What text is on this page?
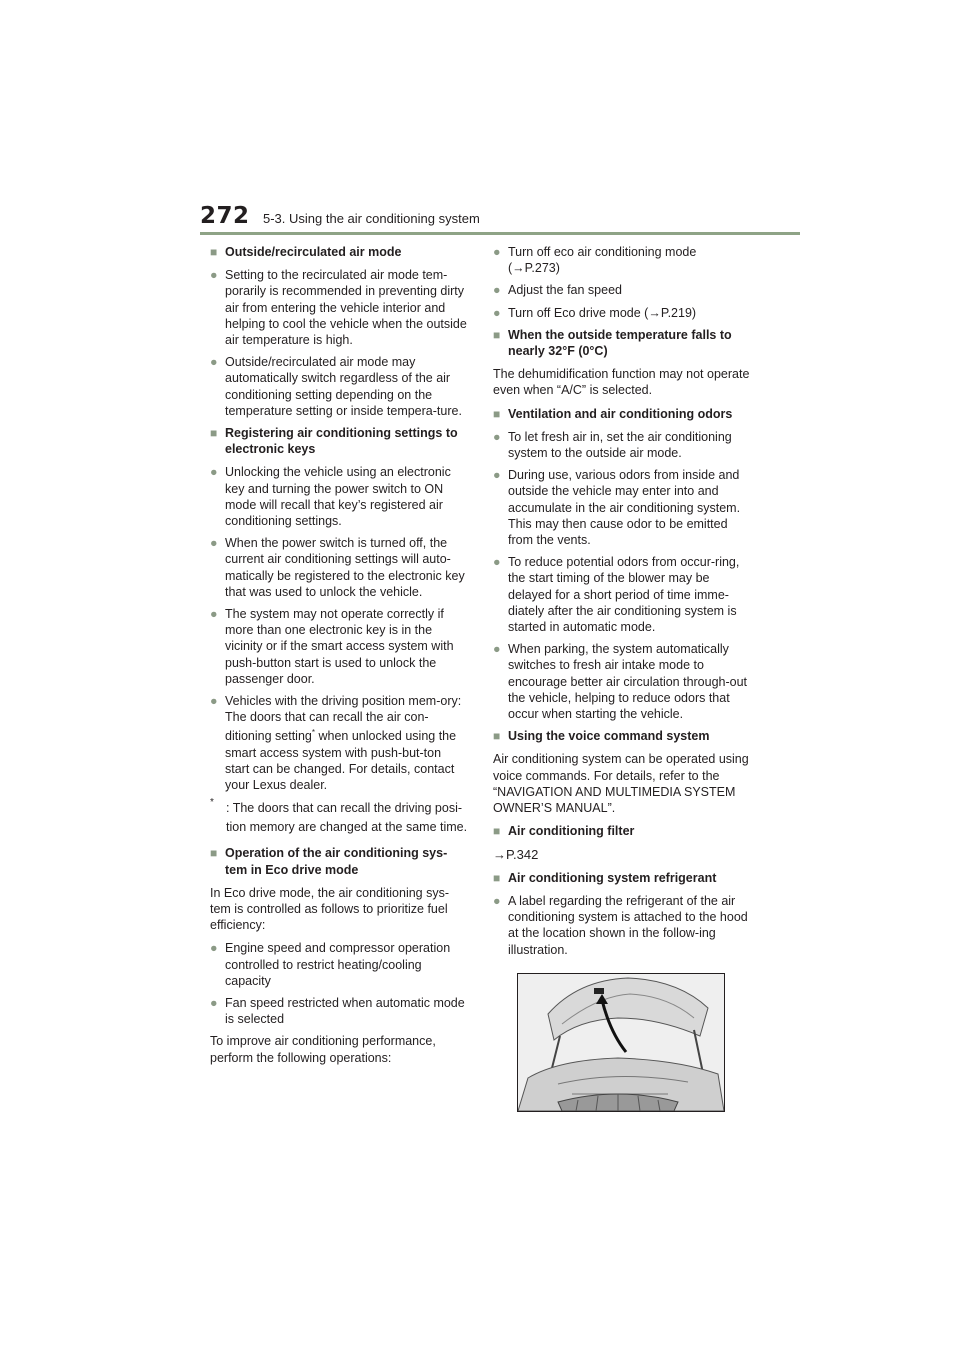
272 5-3. Using the air conditioning system
■ Outside/recirculated air mode
● Setting to the recirculated air mode tem-porarily is recommended in preventing dirty air from entering the vehicle interior and helping to cool the vehicle when the outside air temperature is high.
● Outside/recirculated air mode may automatically switch regardless of the air conditioning setting depending on the temperature setting or inside tempera-ture.
■ Registering air conditioning settings to electronic keys
● Unlocking the vehicle using an electronic key and turning the power switch to ON mode will recall that key’s registered air conditioning settings.
● When the power switch is turned off, the current air conditioning settings will auto-matically be registered to the electronic key that was used to unlock the vehicle.
● The system may not operate correctly if more than one electronic key is in the vicinity or if the smart access system with push-button start is used to unlock the passenger door.
● Vehicles with the driving position mem-ory: The doors that can recall the air con-ditioning setting* when unlocked using the smart access system with push-but-ton start can be changed. For details, contact your Lexus dealer.
* : The doors that can recall the driving posi-tion memory are changed at the same time.
■ Operation of the air conditioning sys-tem in Eco drive mode
In Eco drive mode, the air conditioning sys-tem is controlled as follows to prioritize fuel efficiency:
● Engine speed and compressor operation controlled to restrict heating/cooling capacity
● Fan speed restricted when automatic mode is selected
To improve air conditioning performance, perform the following operations:
● Turn off eco air conditioning mode (→P.273)
● Adjust the fan speed
● Turn off Eco drive mode (→P.219)
■ When the outside temperature falls to nearly 32°F (0°C)
The dehumidification function may not operate even when “A/C” is selected.
■ Ventilation and air conditioning odors
● To let fresh air in, set the air conditioning system to the outside air mode.
● During use, various odors from inside and outside the vehicle may enter into and accumulate in the air conditioning system. This may then cause odor to be emitted from the vents.
● To reduce potential odors from occur-ring, the start timing of the blower may be delayed for a short period of time imme-diately after the air conditioning system is started in automatic mode.
● When parking, the system automatically switches to fresh air intake mode to encourage better air circulation through-out the vehicle, helping to reduce odors that occur when starting the vehicle.
■ Using the voice command system
Air conditioning system can be operated using voice commands. For details, refer to the “NAVIGATION AND MULTIMEDIA SYSTEM OWNER’S MANUAL”.
■ Air conditioning filter
→P.342
■ Air conditioning system refrigerant
● A label regarding the refrigerant of the air conditioning system is attached to the hood at the location shown in the follow-ing illustration.
